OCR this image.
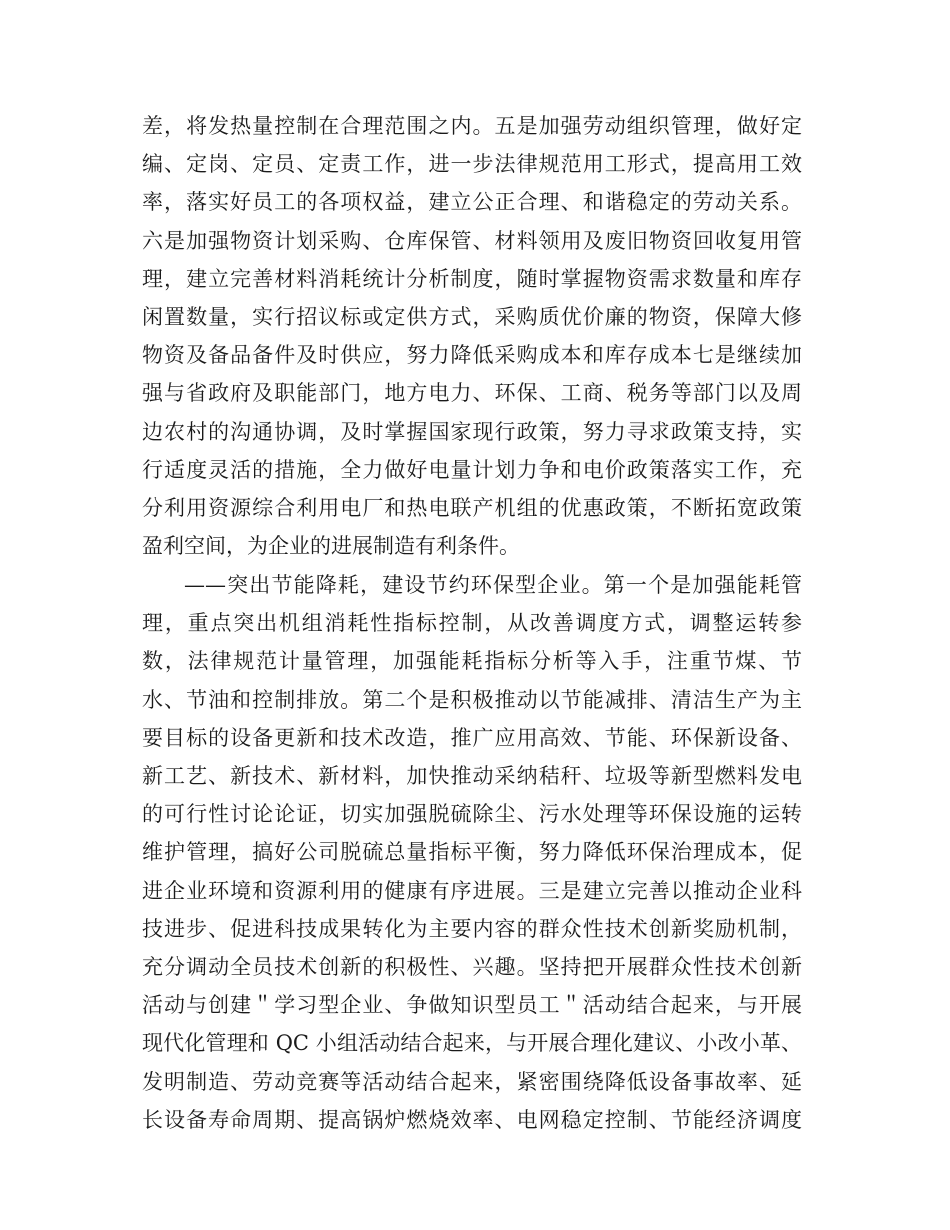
差，将发热量控制在合理范围之内。五是加强劳动组织管理，做好定
编、定岗、定员、定责工作，进一步法律规范用工形式，提高用工效
率，落实好员工的各项权益，建立公正合理、和谐稳定的劳动关系。
六是加强物资计划采购、仓库保管、材料领用及废旧物资回收复用管
理，建立完善材料消耗统计分析制度，随时掌握物资需求数量和库存
闲置数量，实行招议标或定供方式，采购质优价廉的物资，保障大修
物资及备品备件及时供应，努力降低采购成本和库存成本七是继续加
强与省政府及职能部门，地方电力、环保、工商、税务等部门以及周
边农村的沟通协调，及时掌握国家现行政策，努力寻求政策支持，实
行适度灵活的措施，全力做好电量计划力争和电价政策落实工作，充
分利用资源综合利用电厂和热电联产机组的优惠政策，不断拓宽政策
盈利空间，为企业的进展制造有利条件。
——突出节能降耗，建设节约环保型企业。第一个是加强能耗管
理，重点突出机组消耗性指标控制，从改善调度方式，调整运转参
数，法律规范计量管理，加强能耗指标分析等入手，注重节煤、节
水、节油和控制排放。第二个是积极推动以节能减排、清洁生产为主
要目标的设备更新和技术改造，推广应用高效、节能、环保新设备、
新工艺、新技术、新材料，加快推动采纳秸秆、垃圾等新型燃料发电
的可行性讨论论证，切实加强脱硫除尘、污水处理等环保设施的运转
维护管理，搞好公司脱硫总量指标平衡，努力降低环保治理成本，促
进企业环境和资源利用的健康有序进展。三是建立完善以推动企业科
技进步、促进科技成果转化为主要内容的群众性技术创新奖励机制，
充分调动全员技术创新的积极性、兴趣。坚持把开展群众性技术创新
活动与创建＂学习型企业、争做知识型员工＂活动结合起来，与开展
现代化管理和 QC 小组活动结合起来，与开展合理化建议、小改小革、
发明制造、劳动竞赛等活动结合起来，紧密围绕降低设备事故率、延
长设备寿命周期、提高锅炉燃烧效率、电网稳定控制、节能经济调度
